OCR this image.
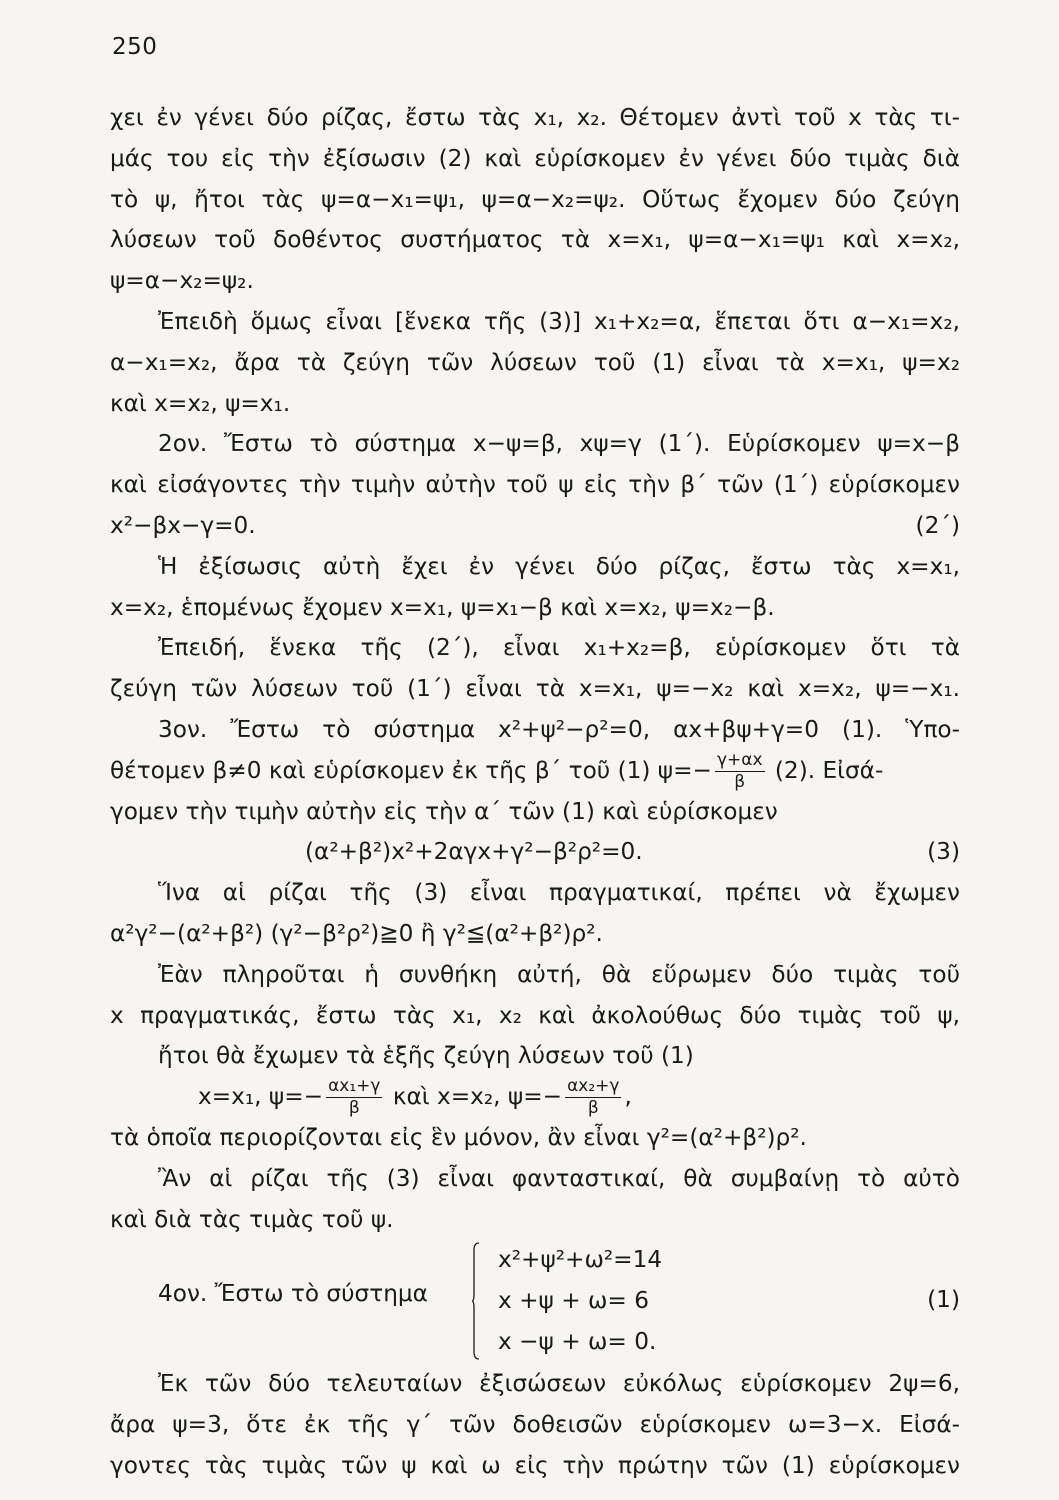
250
χει ἐν γένει δύο ρίζας, ἔστω τὰς x₁, x₂. Θέτομεν ἀντὶ τοῦ x τὰς τι-
μάς του εἰς τὴν ἐξίσωσιν (2) καὶ εὑρίσκομεν ἐν γένει δύο τιμὰς διὰ
τὸ ψ, ἤτοι τὰς ψ=α−x₁=ψ₁, ψ=α−x₂=ψ₂. Οὕτως ἔχομεν δύο ζεύγη
λύσεων τοῦ δοθέντος συστήματος τὰ x=x₁, ψ=α−x₁=ψ₁ καὶ x=x₂,
ψ=α−x₂=ψ₂.
Ἐπειδὴ ὅμως εἶναι [ἕνεκα τῆς (3)] x₁+x₂=α, ἕπεται ὅτι α−x₁=x₂,
α−x₁=x₂, ἄρα τὰ ζεύγη τῶν λύσεων τοῦ (1) εἶναι τὰ x=x₁, ψ=x₂
καὶ x=x₂, ψ=x₁.
2ον. Ἔστω τὸ σύστημα x−ψ=β, xψ=γ (1΄). Εὑρίσκομεν ψ=x−β
καὶ εἰσάγοντες τὴν τιμὴν αὐτὴν τοῦ ψ εἰς τὴν β΄ τῶν (1΄) εὑρίσκομεν
x²−βx−γ=0.	(2΄)
Ἡ ἐξίσωσις αὐτὴ ἔχει ἐν γένει δύο ρίζας, ἔστω τὰς x=x₁,
x=x₂, ἑπομένως ἔχομεν x=x₁, ψ=x₁−β καὶ x=x₂, ψ=x₂−β.
Ἐπειδή, ἕνεκα τῆς (2΄), εἶναι x₁+x₂=β, εὑρίσκομεν ὅτι τὰ
ζεύγη τῶν λύσεων τοῦ (1΄) εἶναι τὰ x=x₁, ψ=−x₂ καὶ x=x₂, ψ=−x₁.
3ον. Ἔστω τὸ σύστημα x²+ψ²−ρ²=0, αx+βψ+γ=0 (1). Ὑπο-
θέτομεν β≠0 καὶ εὑρίσκομεν ἐκ τῆς β΄ τοῦ (1) $\psi=- \frac{\gamma+\alpha x}{\beta} (2)$. Εἰσά-
γομεν τὴν τιμὴν αὐτὴν εἰς τὴν α΄ τῶν (1) καὶ εὑρίσκομεν
(α²+β²)x²+2αγx+γ²−β²ρ²=0.	(3)
Ἵνα αἱ ρίζαι τῆς (3) εἶναι πραγματικαί, πρέπει νὰ ἔχωμεν
α²γ²−(α²+β²) (γ²−β²ρ²)≧0 ἢ γ²≦(α²+β²)ρ².
Ἐὰν πληροῦται ἡ συνθήκη αὐτή, θὰ εὕρωμεν δύο τιμὰς τοῦ
x πραγματικάς, ἔστω τὰς x₁, x₂ καὶ ἀκολούθως δύο τιμὰς τοῦ ψ,
ἤτοι θὰ ἔχωμεν τὰ ἑξῆς ζεύγη λύσεων τοῦ (1)
x=x₁, $\psi=- \frac{\text{αx₁+γ}}{\beta}$ καὶ x=x₂, $\psi=- \frac{\text{αx₂+γ}}{\beta}$ ,
τὰ ὁποῖα περιορίζονται εἰς ἓν μόνον, ἂν εἶναι γ²=(α²+β²)ρ².
Ἂν αἱ ρίζαι τῆς (3) εἶναι φανταστικαί, θὰ συμβαίνῃ τὸ αὐτὸ
καὶ διὰ τὰς τιμὰς τοῦ ψ.
4ον. Ἔστω τὸ σύστημα
x²+ψ²+ω²=14
x +ψ + ω= 6
x −ψ + ω= 0.
(1)
Ἐκ τῶν δύο τελευταίων ἐξισώσεων εὐκόλως εὑρίσκομεν 2ψ=6,
ἄρα ψ=3, ὅτε ἐκ τῆς γ΄ τῶν δοθεισῶν εὑρίσκομεν ω=3−x. Εἰσά-
γοντες τὰς τιμὰς τῶν ψ καὶ ω εἰς τὴν πρώτην τῶν (1) εὑρίσκομεν
